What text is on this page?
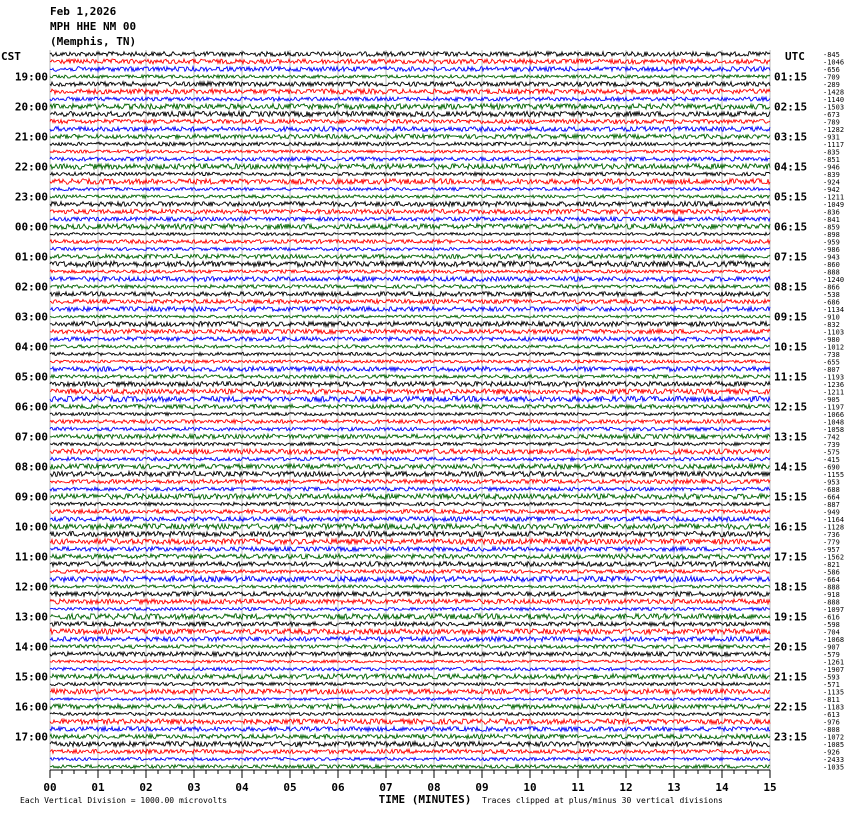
19:00
20:00
21:00
22:00
23:00
00:00
01:00
02:00
03:00
04:00
05:00
06:00
07:00
08:00
09:00
10:00
11:00
12:00
13:00
14:00
15:00
16:00
17:00
01:15
02:15
03:15
04:15
05:15
06:15
07:15
08:15
09:15
10:15
11:15
12:15
13:15
14:15
15:15
16:15
17:15
18:15
19:15
20:15
21:15
22:15
23:15
-845
-1046
-656
-709
-289
-1428
-1140
-1503
-673
-789
-1282
-931
-1117
-835
-851
-946
-839
-924
-942
-1211
-1049
-836
-841
-859
-898
-959
-986
-943
-860
-888
-1240
-866
-538
-686
-1134
-910
-832
-1103
-980
-1012
-738
-655
-807
-1193
-1236
-1211
-905
-1197
-1066
-1048
-1058
-742
-739
-575
-415
-690
-1155
-953
-688
-664
-887
-949
-1164
-1128
-736
-779
-957
-1562
-821
-586
-664
-888
-918
-888
-1097
-616
-598
-704
-1068
-907
-579
-1261
-1907
-593
-571
-1135
-811
-1183
-613
-976
-808
-1072
-1085
-926
-2433
-1035
00	01	02	03	04	05	06	07	08	09	10	11	12	13	14	15
Feb 1,2026
MPH HHE NM 00
(Memphis, TN)
CST	UTC
Each Vertical Division = 1000.00 microvolts	TIME (MINUTES)	Traces clipped at plus/minus 30 vertical divisions
